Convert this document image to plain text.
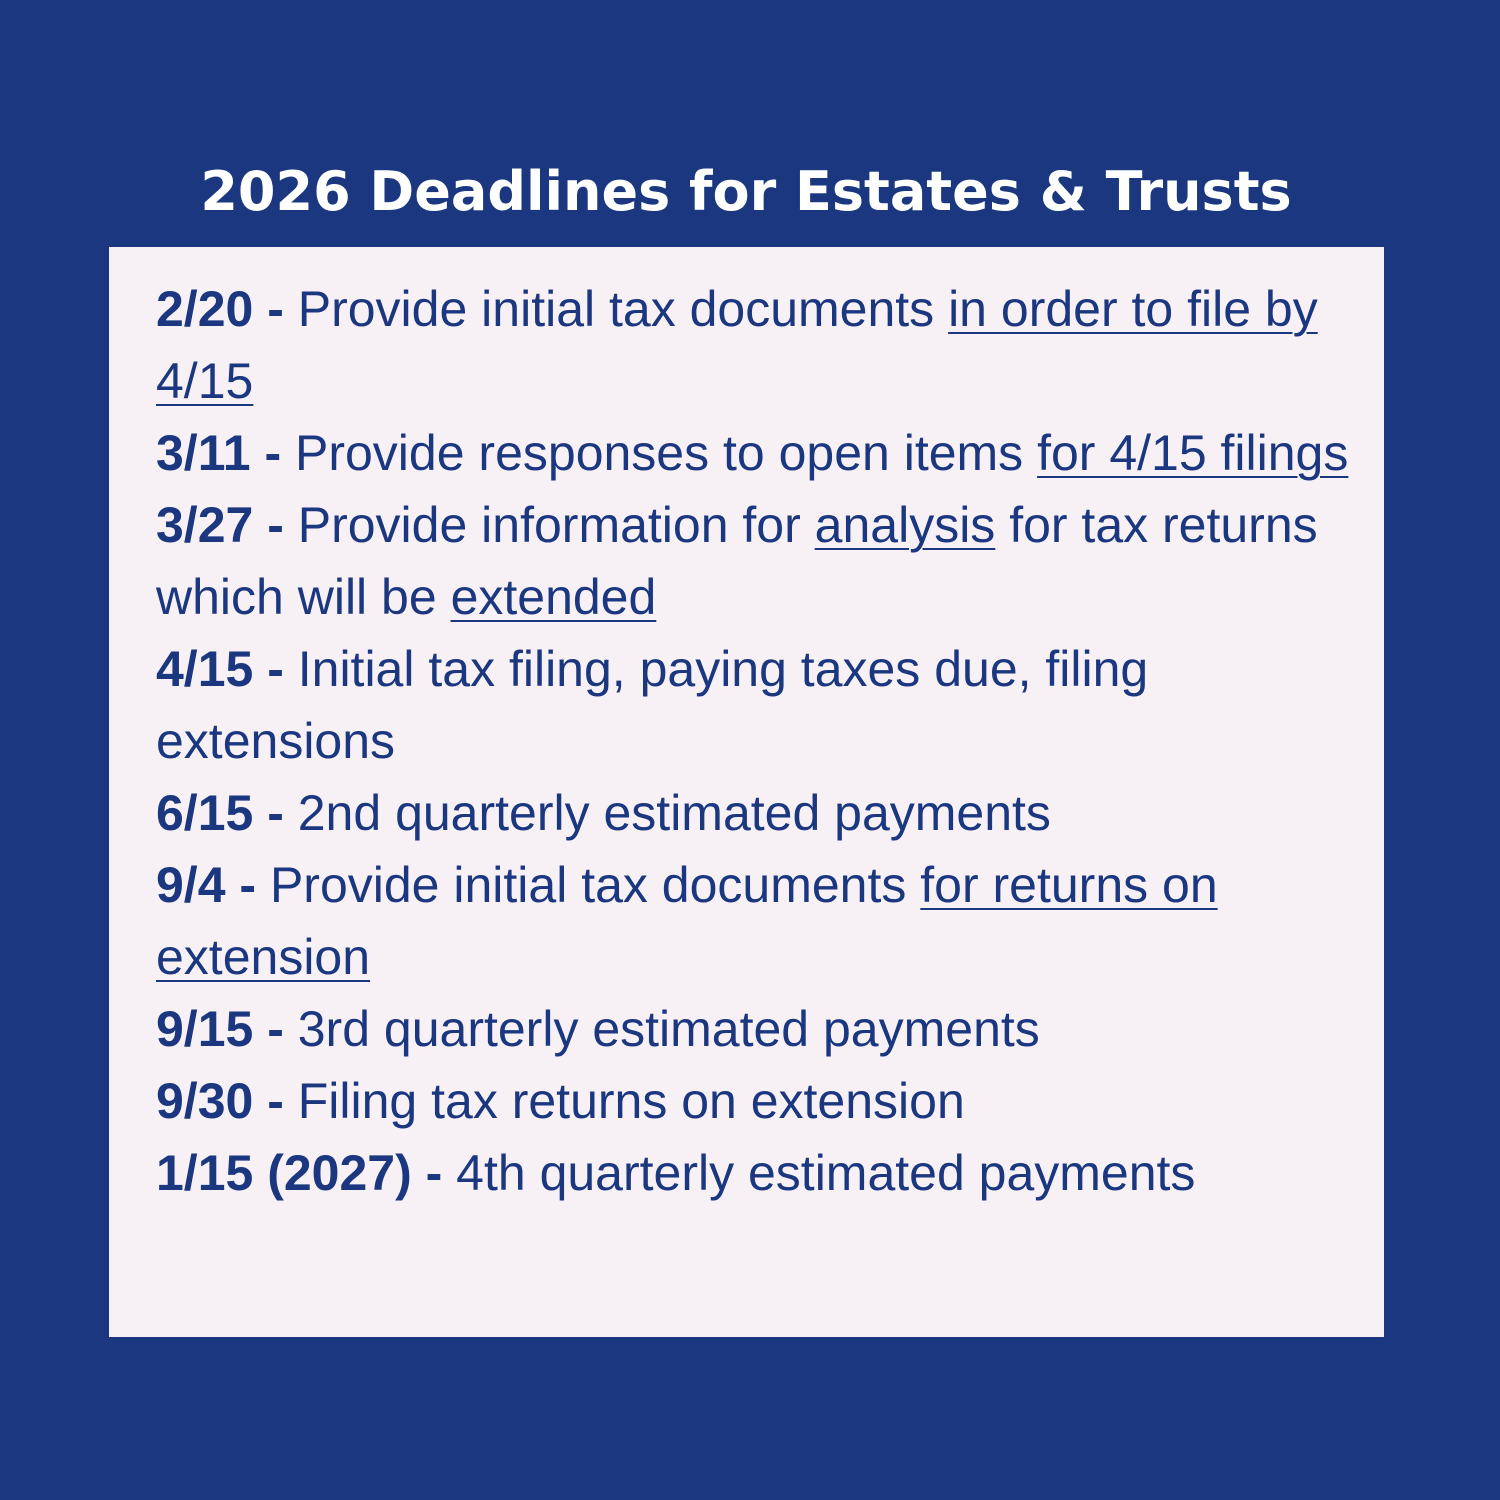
2026 Deadlines for Estates & Trusts
2/20 - Provide initial tax documents in order to file by 4/15
3/11 - Provide responses to open items for 4/15 filings
3/27 - Provide information for analysis for tax returns which will be extended
4/15 - Initial tax filing, paying taxes due, filing extensions
6/15 - 2nd quarterly estimated payments
9/4 - Provide initial tax documents for returns on extension
9/15 - 3rd quarterly estimated payments
9/30 - Filing tax returns on extension
1/15 (2027) - 4th quarterly estimated payments
